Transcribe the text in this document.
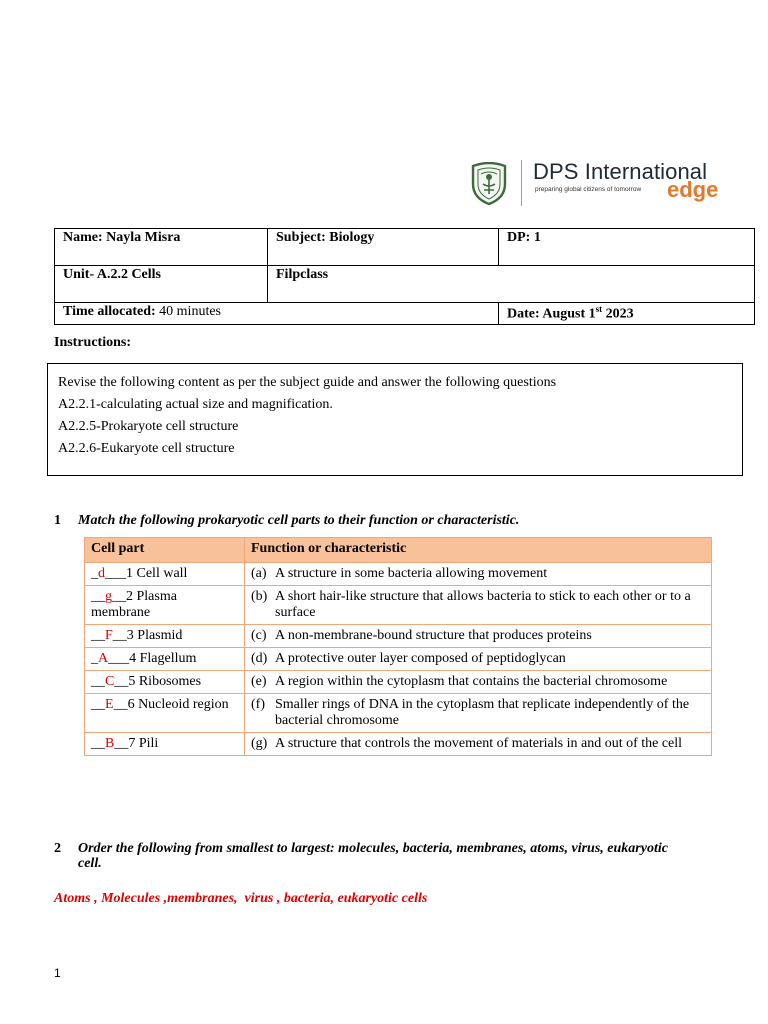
DPS International
preparing global citizens of tomorrow edge
Name: Nayla Misra	Subject: Biology	DP: 1
Unit- A.2.2 Cells	Filpclass	
Time allocated: 40 minutes		Date: August 1st 2023
Instructions:
Revise the following content as per the subject guide and answer the following questions
A2.2.1-calculating actual size and magnification.
A2.2.5-Prokaryote cell structure
A2.2.6-Eukaryote cell structure
1 Match the following prokaryotic cell parts to their function or characteristic.
Cell part	Function or characteristic
_d___1 Cell wall	(a) A structure in some bacteria allowing movement

__g__2 Plasma membrane	(b) A short hair-like structure that allows bacteria to stick to each other or to a surface

__F__3 Plasmid	(c) A non-membrane-bound structure that produces proteins

_A___4 Flagellum	(d) A protective outer layer composed of peptidoglycan

__C__5 Ribosomes	(e) A region within the cytoplasm that contains the bacterial chromosome

__E__6 Nucleoid region	(f) Smaller rings of DNA in the cytoplasm that replicate independently of the bacterial chromosome

__B__7 Pili	(g) A structure that controls the movement of materials in and out of the cell
2 Order the following from smallest to largest: molecules, bacteria, membranes, atoms, virus, eukaryotic cell.
Atoms , Molecules ,membranes,  virus , bacteria, eukaryotic cells
1
